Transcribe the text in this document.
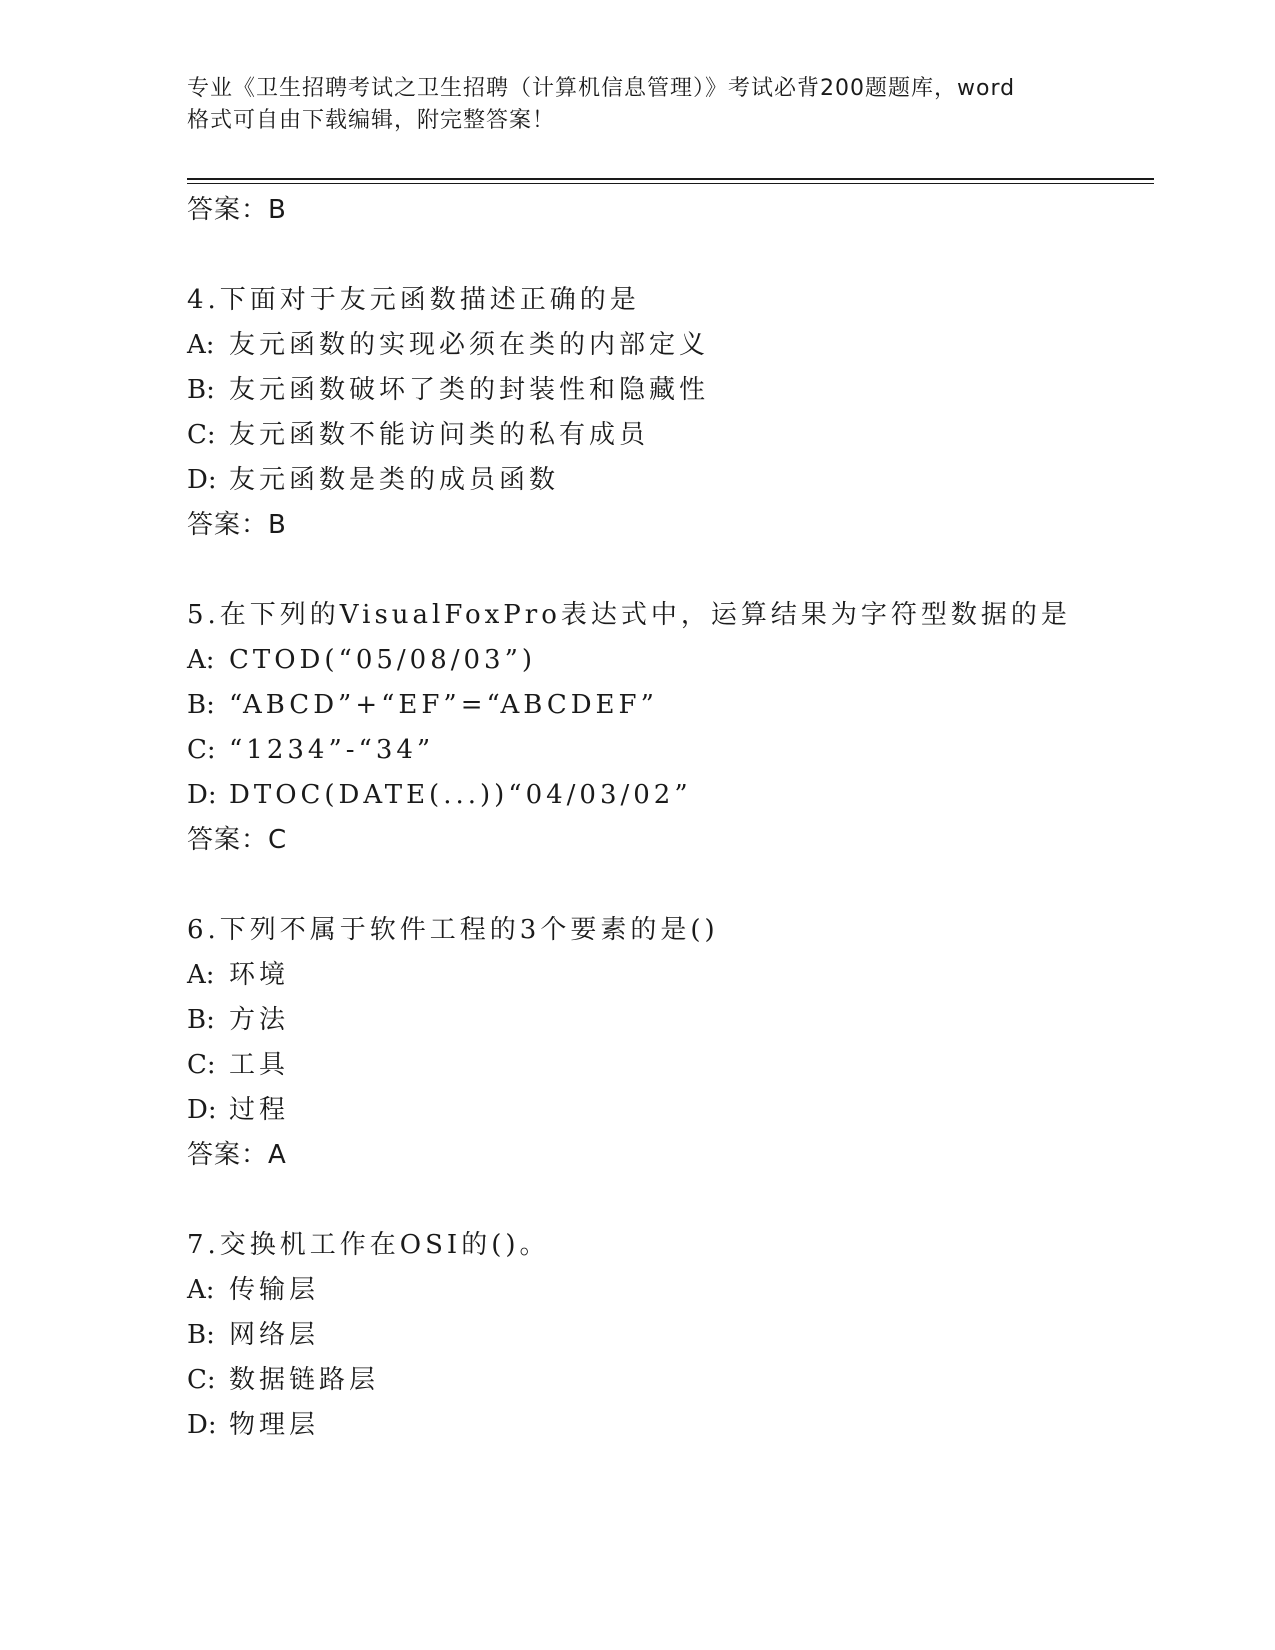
专业《卫生招聘考试之卫生招聘（计算机信息管理）》考试必背200题题库，word
格式可自由下载编辑，附完整答案！
答案：B
4.下面对于友元函数描述正确的是
A: 友元函数的实现必须在类的内部定义
B: 友元函数破坏了类的封装性和隐藏性
C: 友元函数不能访问类的私有成员
D: 友元函数是类的成员函数
答案：B
5.在下列的VisualFoxPro表达式中，运算结果为字符型数据的是
A: CTOD(“05/08/03”)
B: “ABCD”+“EF”=“ABCDEF”
C: “1234”-“34”
D: DTOC(DATE(...))“04/03/02”
答案：C
6.下列不属于软件工程的3个要素的是()
A: 环境
B: 方法
C: 工具
D: 过程
答案：A
7.交换机工作在OSI的()。
A: 传输层
B: 网络层
C: 数据链路层
D: 物理层
